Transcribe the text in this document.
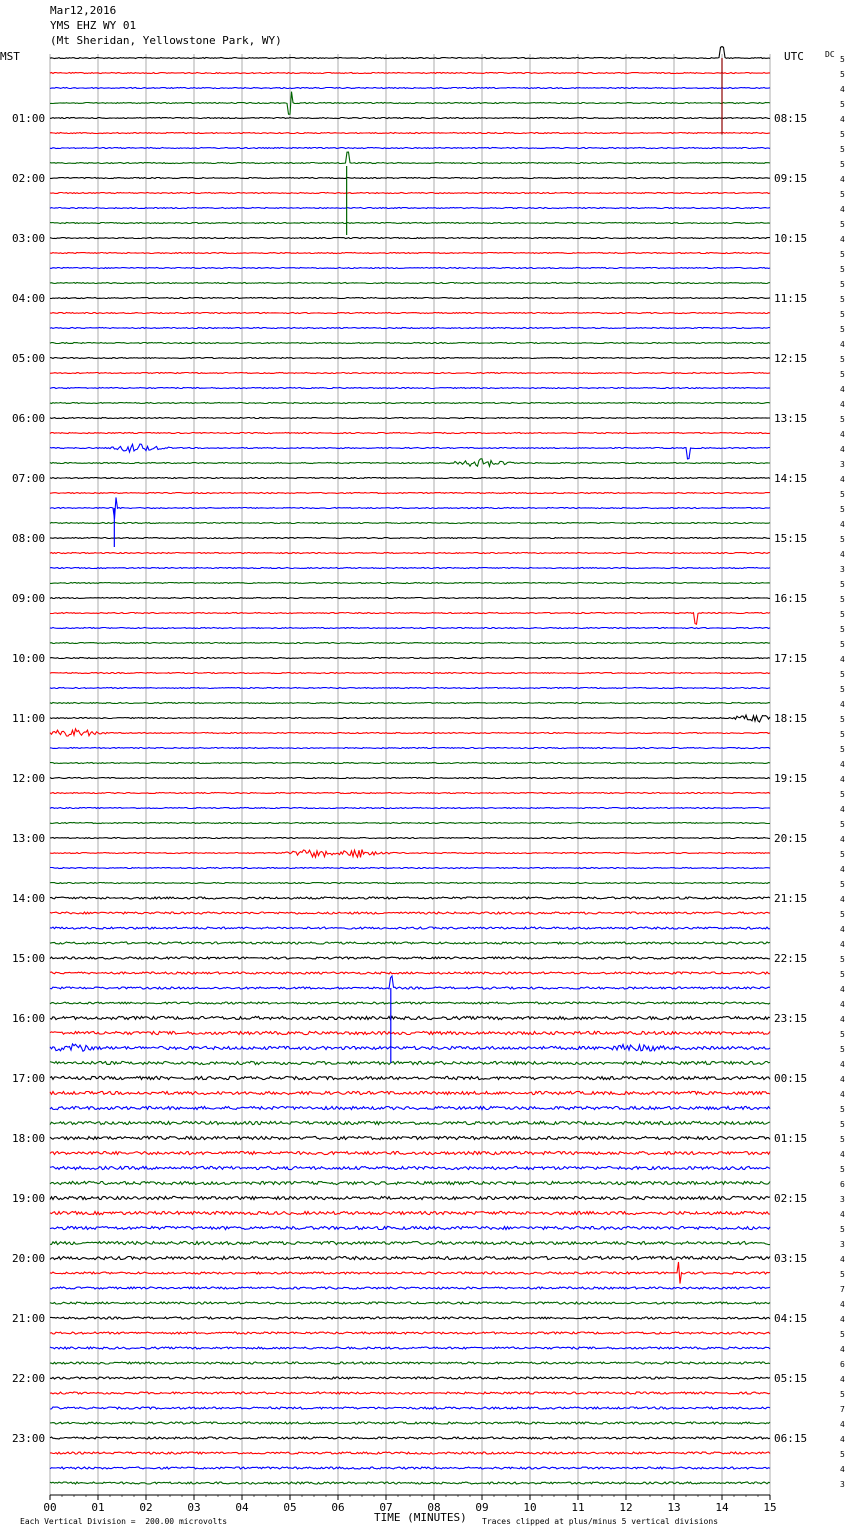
Mar12,2016
YMS EHZ WY 01
(Mt Sheridan, Yellowstone Park, WY)
MST	UTC	DC
00	01	02	03	04	05	06	07	08	09	10	11	12	13	14	15
5
5
4
5
4
5
5
5
4
5
4
5
4
5
5
5
5
5
5
4
5
5
4
4
5
4
4
3
4
5
5
4
5
4
3
5
5
5
5
5
4
5
5
4
5
5
5
4
4
5
4
5
4
5
4
5
4
5
4
4
5
5
4
4
4
5
5
4
4
4
5
5
5
4
5
6
3
4
5
3
4
5
7
4
4
5
4
6
4
5
7
4
4
5
4
3
01:00	08:15
02:00	09:15
03:00	10:15
04:00	11:15
05:00	12:15
06:00	13:15
07:00	14:15
08:00	15:15
09:00	16:15
10:00	17:15
11:00	18:15
12:00	19:15
13:00	20:15
14:00	21:15
15:00	22:15
16:00	23:15
17:00	00:15
18:00	01:15
19:00	02:15
20:00	03:15
21:00	04:15
22:00	05:15
23:00	06:15
Each Vertical Division =  200.00 microvolts	TIME (MINUTES) Traces clipped at plus/minus 5 vertical divisions
